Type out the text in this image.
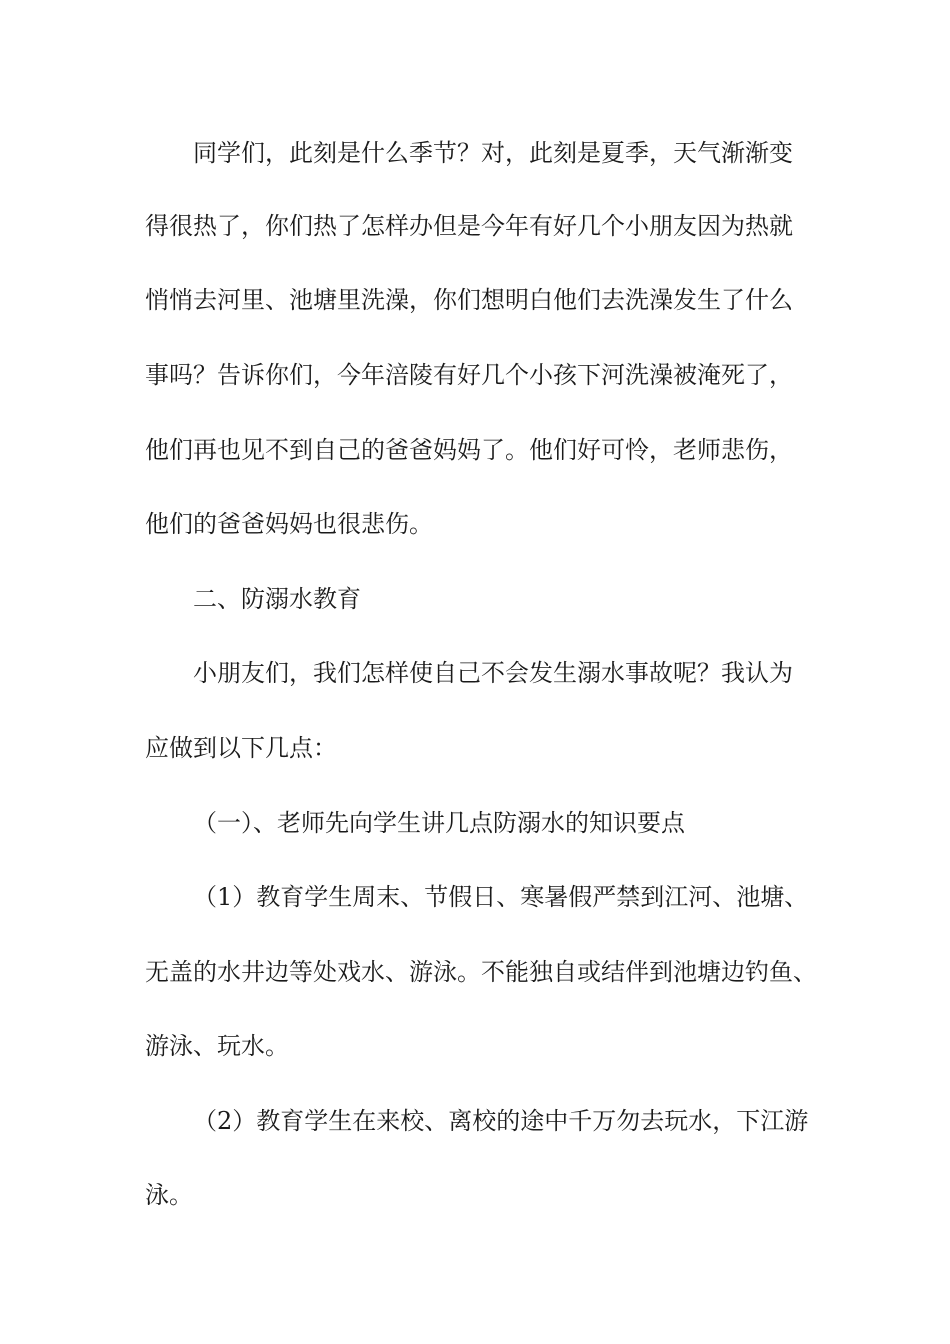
同学们，此刻是什么季节？对，此刻是夏季，天气渐渐变
得很热了，你们热了怎样办但是今年有好几个小朋友因为热就
悄悄去河里、池塘里洗澡，你们想明白他们去洗澡发生了什么
事吗？告诉你们，今年涪陵有好几个小孩下河洗澡被淹死了，
他们再也见不到自己的爸爸妈妈了。他们好可怜，老师悲伤，
他们的爸爸妈妈也很悲伤。
二、防溺水教育
小朋友们，我们怎样使自己不会发生溺水事故呢？我认为
应做到以下几点：
（一）、老师先向学生讲几点防溺水的知识要点
（1）教育学生周末、节假日、寒暑假严禁到江河、池塘、
无盖的水井边等处戏水、游泳。不能独自或结伴到池塘边钓鱼、
游泳、玩水。
（2）教育学生在来校、离校的途中千万勿去玩水，下江游
泳。
